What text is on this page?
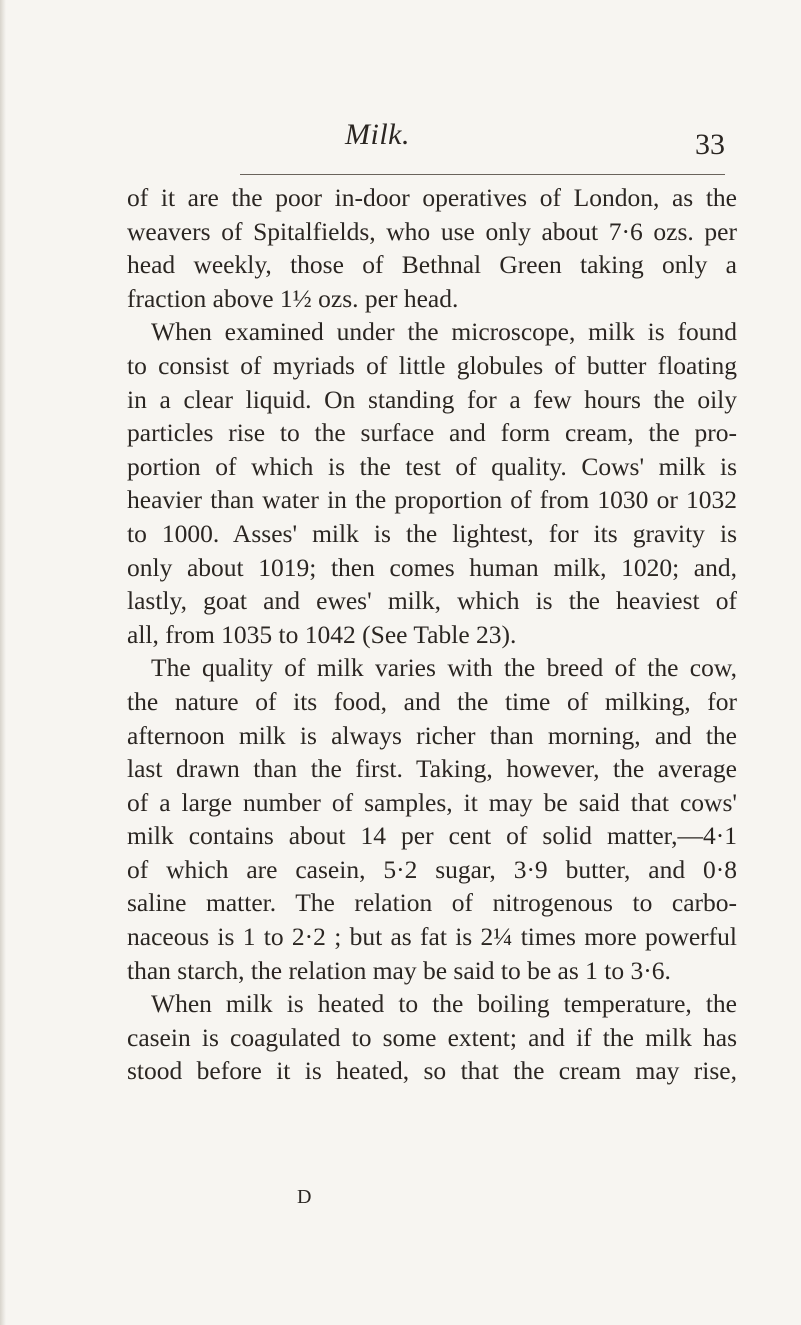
Milk.	33
of it are the poor in-door operatives of London, as the
weavers of Spitalfields, who use only about 7·6 ozs. per
head weekly, those of Bethnal Green taking only a
fraction above 1½ ozs. per head.
When examined under the microscope, milk is found
to consist of myriads of little globules of butter floating
in a clear liquid. On standing for a few hours the oily
particles rise to the surface and form cream, the pro-
portion of which is the test of quality. Cows' milk is
heavier than water in the proportion of from 1030 or 1032
to 1000. Asses' milk is the lightest, for its gravity is
only about 1019; then comes human milk, 1020; and,
lastly, goat and ewes' milk, which is the heaviest of
all, from 1035 to 1042 (See Table 23).
The quality of milk varies with the breed of the cow,
the nature of its food, and the time of milking, for
afternoon milk is always richer than morning, and the
last drawn than the first. Taking, however, the average
of a large number of samples, it may be said that cows'
milk contains about 14 per cent of solid matter,—4·1
of which are casein, 5·2 sugar, 3·9 butter, and 0·8
saline matter. The relation of nitrogenous to carbo-
naceous is 1 to 2·2 ; but as fat is 2¼ times more powerful
than starch, the relation may be said to be as 1 to 3·6.
When milk is heated to the boiling temperature, the
casein is coagulated to some extent; and if the milk has
stood before it is heated, so that the cream may rise,
D
